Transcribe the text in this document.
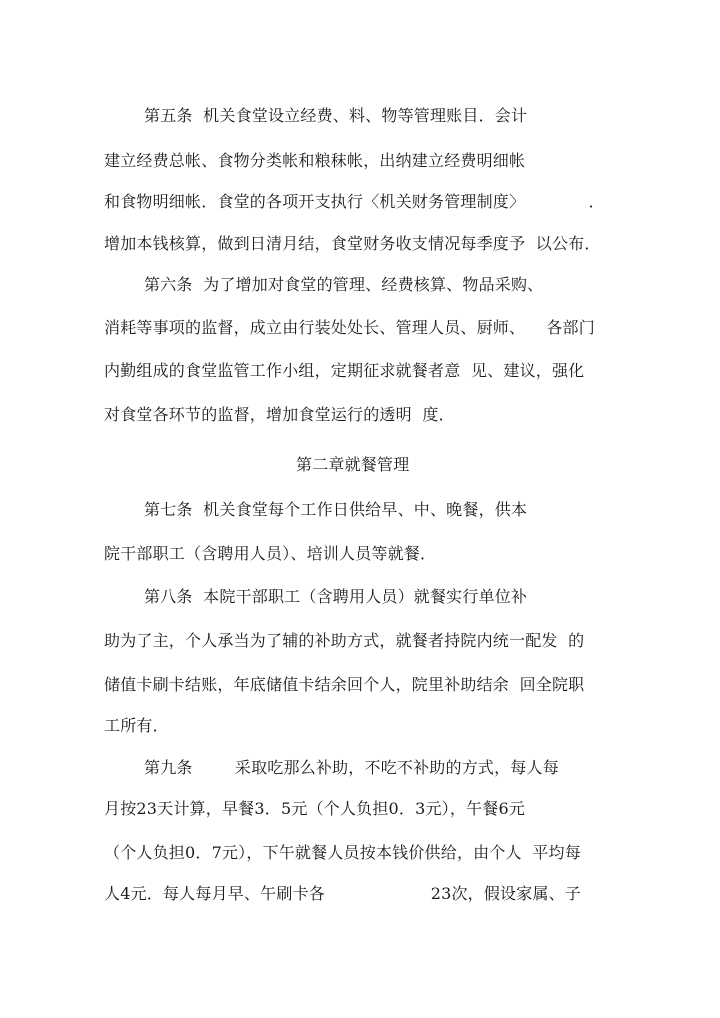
第五条  机关食堂设立经费、料、物等管理账目．会计
建立经费总帐、食物分类帐和粮秣帐，出纳建立经费明细帐
和食物明细帐．食堂的各项开支执行〈机关财务管理制度〉            ．
增加本钱核算，做到日清月结，食堂财务收支情况每季度予  以公布．
第六条  为了增加对食堂的管理、经费核算、物品采购、
消耗等事项的监督，成立由行装处处长、管理人员、厨师、    各部门
内勤组成的食堂监管工作小组，定期征求就餐者意  见、建议，强化
对食堂各环节的监督，增加食堂运行的透明  度．
第二章就餐管理
第七条  机关食堂每个工作日供给早、中、晚餐，供本
院干部职工（含聘用人员）、培训人员等就餐．
第八条  本院干部职工（含聘用人员）就餐实行单位补
助为了主，个人承当为了辅的补助方式，就餐者持院内统一配发  的
储值卡刷卡结账，年底储值卡结余回个人，院里补助结余  回全院职
工所有．
第九条        采取吃那么补助，不吃不补助的方式，每人每
月按23天计算，早餐3．5元（个人负担0．3元），午餐6元
（个人负担0．7元），下午就餐人员按本钱价供给，由个人  平均每
人4元．每人每月早、午刷卡各                    23次，假设家属、子
